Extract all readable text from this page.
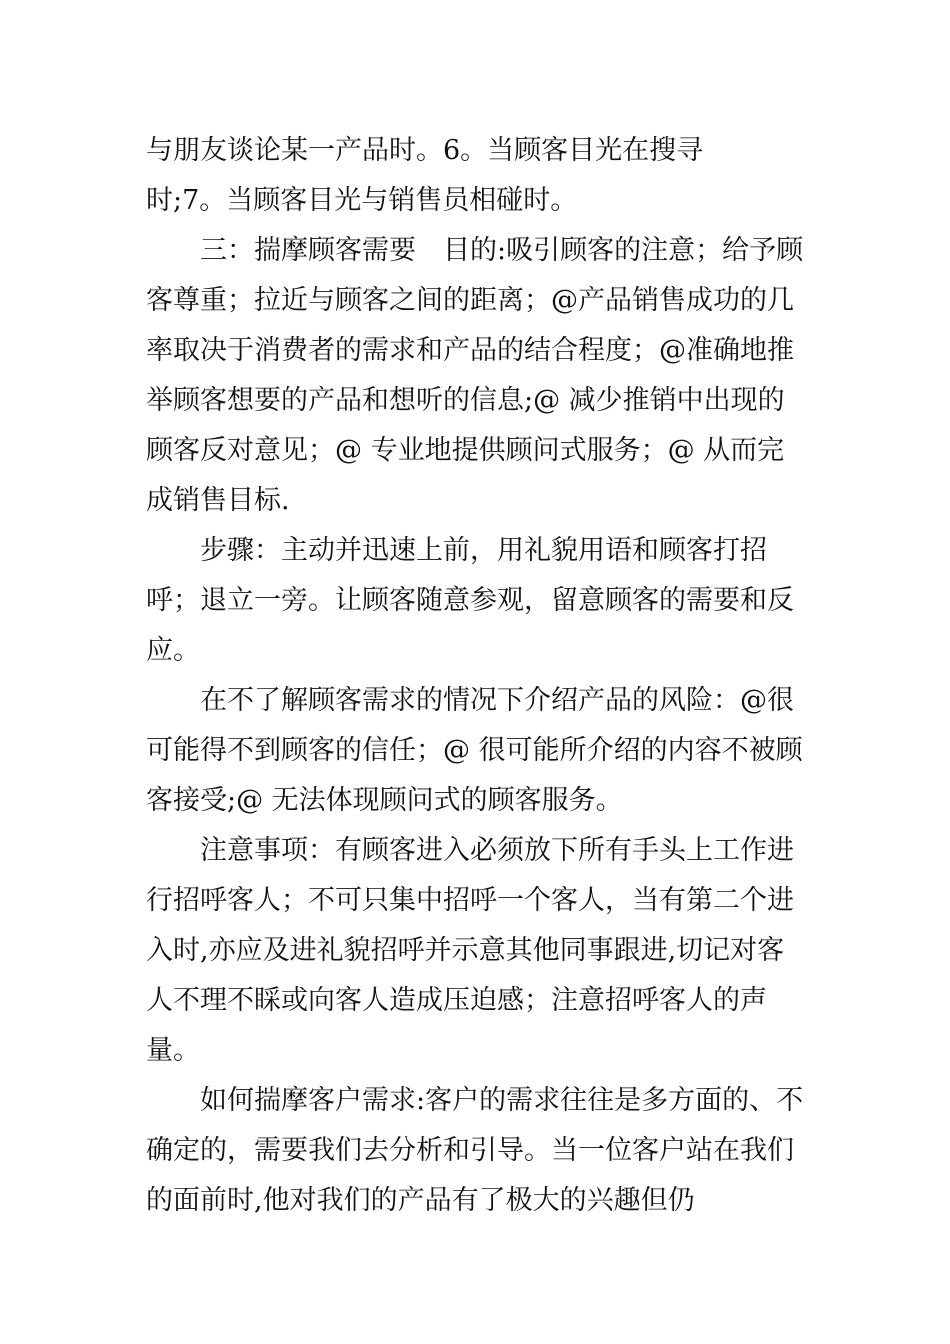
与朋友谈论某一产品时。6。当顾客目光在搜寻

时;7。当顾客目光与销售员相碰时。

三：揣摩顾客需要　目的:吸引顾客的注意；给予顾客尊重；拉近与顾客之间的距离；@产品销售成功的几率取决于消费者的需求和产品的结合程度；@准确地推举顾客想要的产品和想听的信息;@ 减少推销中出现的顾客反对意见；@ 专业地提供顾问式服务；@ 从而完成销售目标.

步骤：主动并迅速上前，用礼貌用语和顾客打招呼；退立一旁。让顾客随意参观，留意顾客的需要和反应。

在不了解顾客需求的情况下介绍产品的风险：@很可能得不到顾客的信任；@ 很可能所介绍的内容不被顾客接受;@ 无法体现顾问式的顾客服务。

注意事项：有顾客进入必须放下所有手头上工作进行招呼客人；不可只集中招呼一个客人，当有第二个进入时,亦应及进礼貌招呼并示意其他同事跟进,切记对客人不理不睬或向客人造成压迫感；注意招呼客人的声量。

如何揣摩客户需求:客户的需求往往是多方面的、不确定的，需要我们去分析和引导。当一位客户站在我们的面前时,他对我们的产品有了极大的兴趣但仍
